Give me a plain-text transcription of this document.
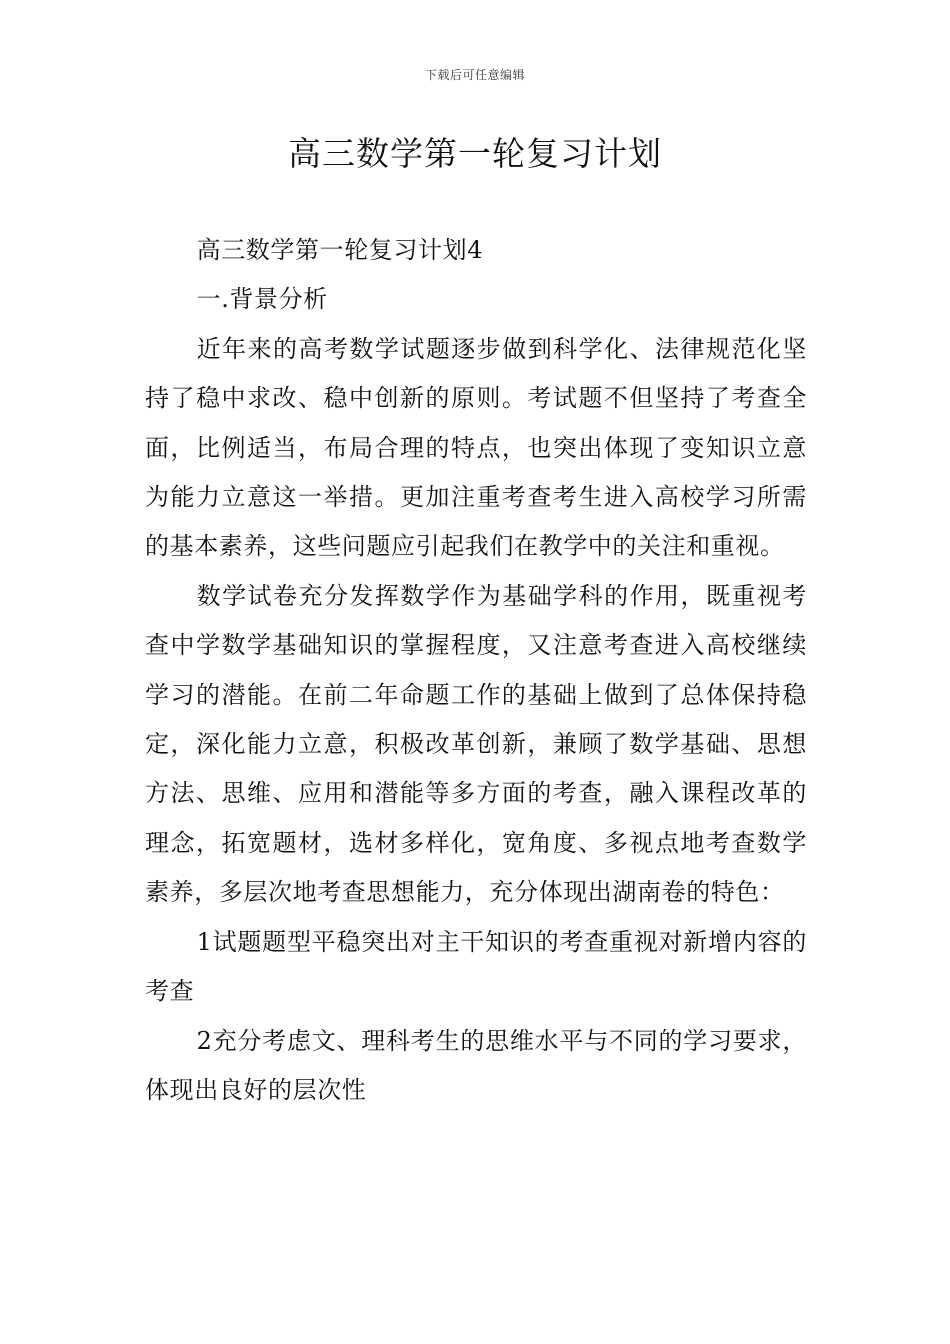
下载后可任意编辑
高三数学第一轮复习计划

高三数学第一轮复习计划4

一.背景分析

近年来的高考数学试题逐步做到科学化、法律规范化坚持了稳中求改、稳中创新的原则。考试题不但坚持了考查全面，比例适当，布局合理的特点，也突出体现了变知识立意为能力立意这一举措。更加注重考查考生进入高校学习所需的基本素养，这些问题应引起我们在教学中的关注和重视。

数学试卷充分发挥数学作为基础学科的作用，既重视考查中学数学基础知识的掌握程度，又注意考查进入高校继续学习的潜能。在前二年命题工作的基础上做到了总体保持稳定，深化能力立意，积极改革创新，兼顾了数学基础、思想方法、思维、应用和潜能等多方面的考查，融入课程改革的理念，拓宽题材，选材多样化，宽角度、多视点地考查数学素养，多层次地考查思想能力，充分体现出湖南卷的特色：

1试题题型平稳突出对主干知识的考查重视对新增内容的考查

2充分考虑文、理科考生的思维水平与不同的学习要求，体现出良好的层次性
